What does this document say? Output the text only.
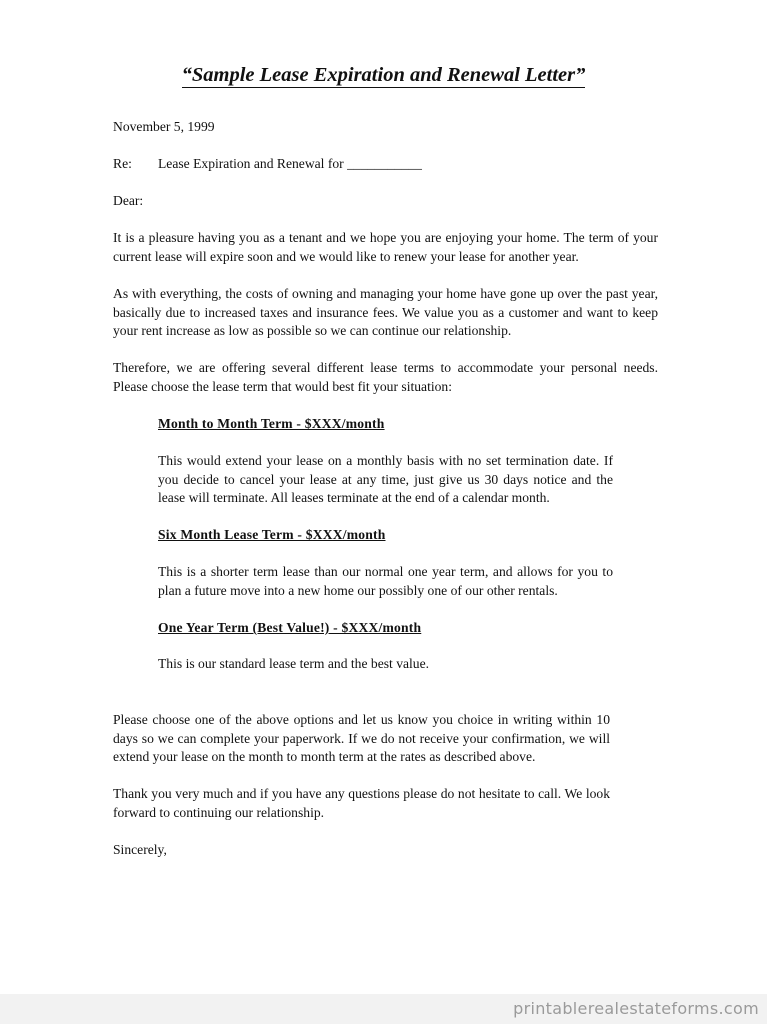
“Sample Lease Expiration and Renewal Letter”

November 5, 1999

Re: Lease Expiration and Renewal for ___________

Dear:

It is a pleasure having you as a tenant and we hope you are enjoying your home. The term of your current lease will expire soon and we would like to renew your lease for another year.

As with everything, the costs of owning and managing your home have gone up over the past year, basically due to increased taxes and insurance fees. We value you as a customer and want to keep your rent increase as low as possible so we can continue our relationship.

Therefore, we are offering several different lease terms to accommodate your personal needs. Please choose the lease term that would best fit your situation:

Month to Month Term - $XXX/month

This would extend your lease on a monthly basis with no set termination date. If you decide to cancel your lease at any time, just give us 30 days notice and the lease will terminate. All leases terminate at the end of a calendar month.

Six Month Lease Term - $XXX/month

This is a shorter term lease than our normal one year term, and allows for you to plan a future move into a new home our possibly one of our other rentals.

One Year Term (Best Value!) - $XXX/month

This is our standard lease term and the best value.

Please choose one of the above options and let us know you choice in writing within 10 days so we can complete your paperwork. If we do not receive your confirmation, we will extend your lease on the month to month term at the rates as described above.

Thank you very much and if you have any questions please do not hesitate to call. We look forward to continuing our relationship.

Sincerely,

printablerealestateforms.com
